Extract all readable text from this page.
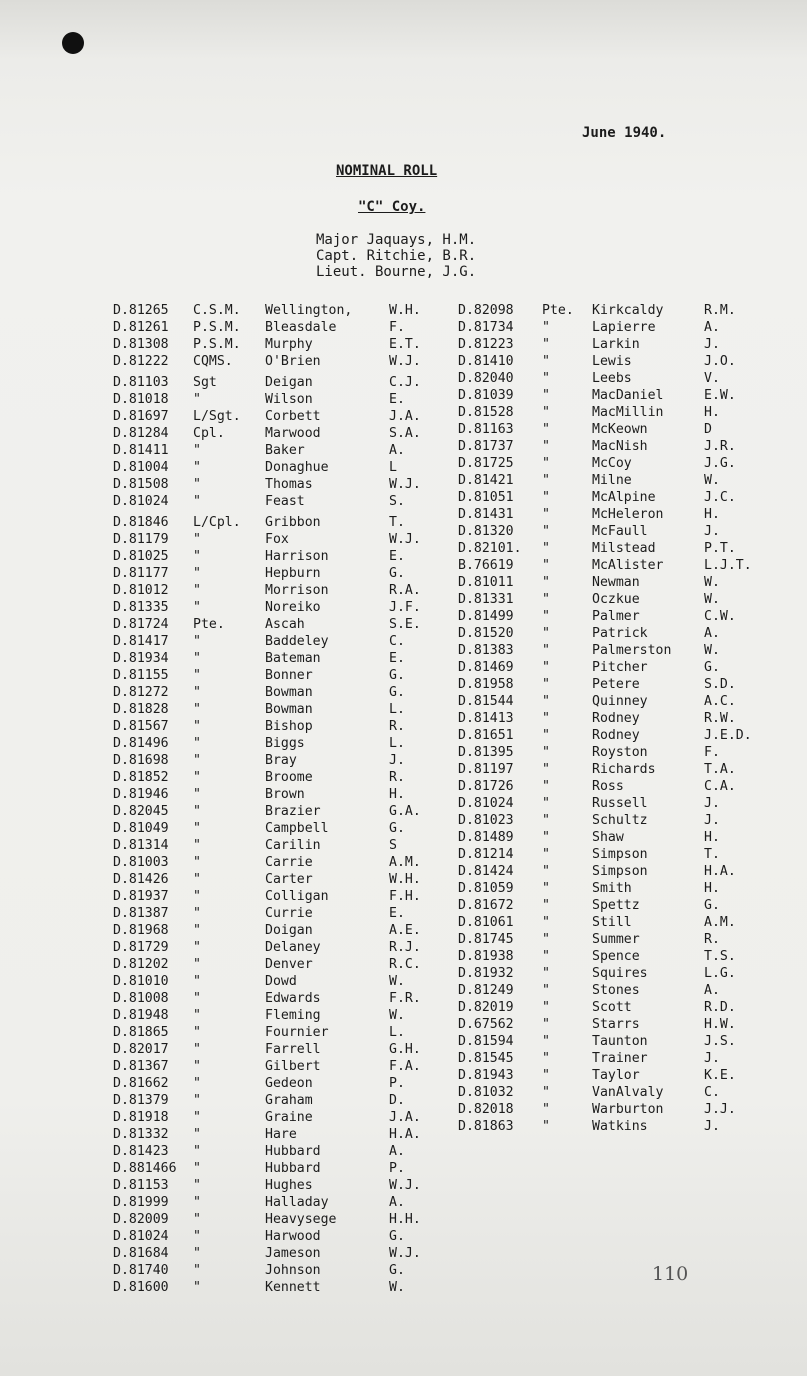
June 1940.
NOMINAL ROLL
"C" Coy.
Major Jaquays, H.M.
Capt. Ritchie, B.R.
Lieut. Bourne, J.G.
D.81265 C.S.M. Wellington,	W.H.
D.81261 P.S.M. Bleasdale	F.
D.81308 P.S.M. Murphy	E.T.
D.81222 CQMS. O'Brien	W.J.
D.81103 Sgt	Deigan	C.J.
D.81018 "	Wilson	E.
D.81697 L/Sgt. Corbett	J.A.
D.81284 Cpl.	Marwood	S.A.
D.81411 "	Baker	A.
D.81004 "	Donaghue	L
D.81508 "	Thomas	W.J.
D.81024 "	Feast	S.
D.81846 L/Cpl. Gribbon	T.
D.81179 "	Fox	W.J.
D.81025 "	Harrison	E.
D.81177 "	Hepburn	G.
D.81012 "	Morrison	R.A.
D.81335 "	Noreiko	J.F.
D.81724 Pte.	Ascah	S.E.
D.81417 "	Baddeley	C.
D.81934 "	Bateman	E.
D.81155 "	Bonner	G.
D.81272 "	Bowman	G.
D.81828 "	Bowman	L.
D.81567 "	Bishop	R.
D.81496 "	Biggs	L.
D.81698 "	Bray	J.
D.81852 "	Broome	R.
D.81946 "	Brown	H.
D.82045 "	Brazier	G.A.
D.81049 "	Campbell	G.
D.81314 "	Carilin	S
D.81003 "	Carrie	A.M.
D.81426 "	Carter	W.H.
D.81937 "	Colligan	F.H.
D.81387 "	Currie	E.
D.81968 "	Doigan	A.E.
D.81729 "	Delaney	R.J.
D.81202 "	Denver	R.C.
D.81010 "	Dowd	W.
D.81008 "	Edwards	F.R.
D.81948 "	Fleming	W.
D.81865 "	Fournier	L.
D.82017 "	Farrell	G.H.
D.81367 "	Gilbert	F.A.
D.81662 "	Gedeon	P.
D.81379 "	Graham	D.
D.81918 "	Graine	J.A.
D.81332 "	Hare	H.A.
D.81423 "	Hubbard	A.
D.881466 "	Hubbard	P.
D.81153 "	Hughes	W.J.
D.81999 "	Halladay	A.
D.82009 "	Heavysege	H.H.
D.81024 "	Harwood	G.
D.81684 "	Jameson	W.J.
D.81740 "	Johnson	G.
D.81600 "	Kennett	W.
D.82098 Pte. Kirkcaldy	R.M.
D.81734 "	Lapierre	A.
D.81223 "	Larkin	J.
D.81410 "	Lewis	J.O.
D.82040 "	Leebs	V.
D.81039 "	MacDaniel	E.W.
D.81528 "	MacMillin	H.
D.81163 "	McKeown	D
D.81737 "	MacNish	J.R.
D.81725 "	McCoy	J.G.
D.81421 "	Milne	W.
D.81051 "	McAlpine	J.C.
D.81431 "	McHeleron	H.
D.81320 "	McFaull	J.
D.82101. "	Milstead	P.T.
B.76619 "	McAlister	L.J.T.
D.81011 "	Newman	W.
D.81331 "	Oczkue	W.
D.81499 "	Palmer	C.W.
D.81520 "	Patrick	A.
D.81383 "	Palmerston W.
D.81469 "	Pitcher	G.
D.81958 "	Petere	S.D.
D.81544 "	Quinney	A.C.
D.81413 "	Rodney	R.W.
D.81651 "	Rodney	J.E.D.
D.81395 "	Royston	F.
D.81197 "	Richards	T.A.
D.81726 "	Ross	C.A.
D.81024 "	Russell	J.
D.81023 "	Schultz	J.
D.81489 "	Shaw	H.
D.81214 "	Simpson	T.
D.81424 "	Simpson	H.A.
D.81059 "	Smith	H.
D.81672 "	Spettz	G.
D.81061 "	Still	A.M.
D.81745 "	Summer	R.
D.81938 "	Spence	T.S.
D.81932 "	Squires	L.G.
D.81249 "	Stones	A.
D.82019 "	Scott	R.D.
D.67562 "	Starrs	H.W.
D.81594 "	Taunton	J.S.
D.81545 "	Trainer	J.
D.81943 "	Taylor	K.E.
D.81032 "	VanAlvaly	C.
D.82018 "	Warburton	J.J.
D.81863 "	Watkins	J.
110
